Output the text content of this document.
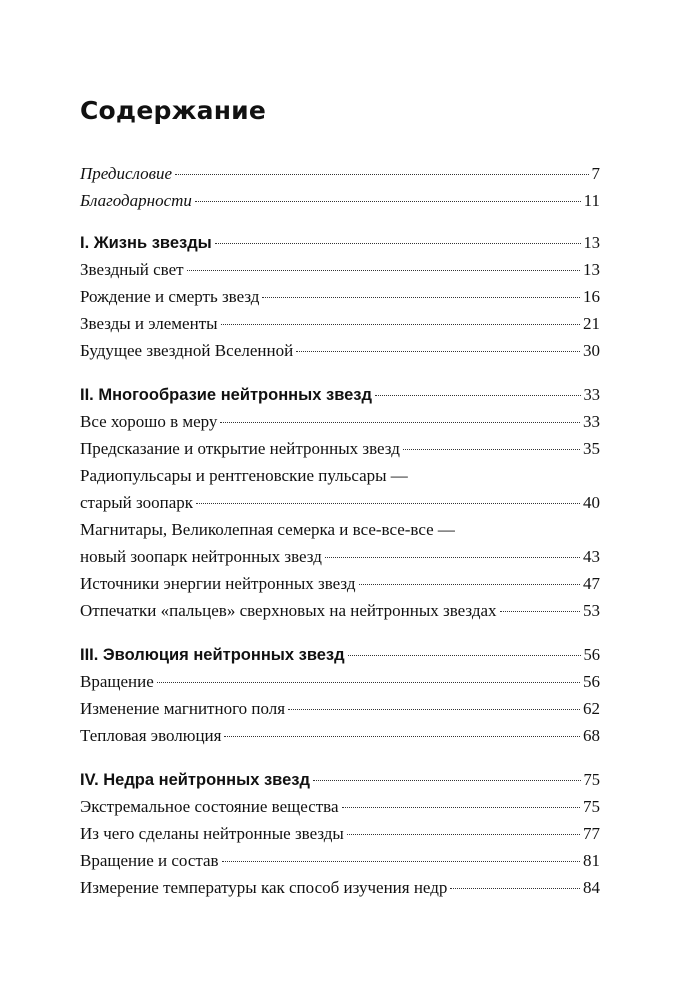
Содержание
Предисловие	7
Благодарности	11
I. Жизнь звезды	13
Звездный свет	13
Рождение и смерть звезд	16
Звезды и элементы	21
Будущее звездной Вселенной	30
II. Многообразие нейтронных звезд	33
Все хорошо в меру	33
Предсказание и открытие нейтронных звезд	35
Радиопульсары и рентгеновские пульсары —
старый зоопарк	40
Магнитары, Великолепная семерка и все-все-все —
новый зоопарк нейтронных звезд	43
Источники энергии нейтронных звезд	47
Отпечатки «пальцев» сверхновых на нейтронных звездах	53
III. Эволюция нейтронных звезд	56
Вращение	56
Изменение магнитного поля	62
Тепловая эволюция	68
IV. Недра нейтронных звезд	75
Экстремальное состояние вещества	75
Из чего сделаны нейтронные звезды	77
Вращение и состав	81
Измерение температуры как способ изучения недр	84
